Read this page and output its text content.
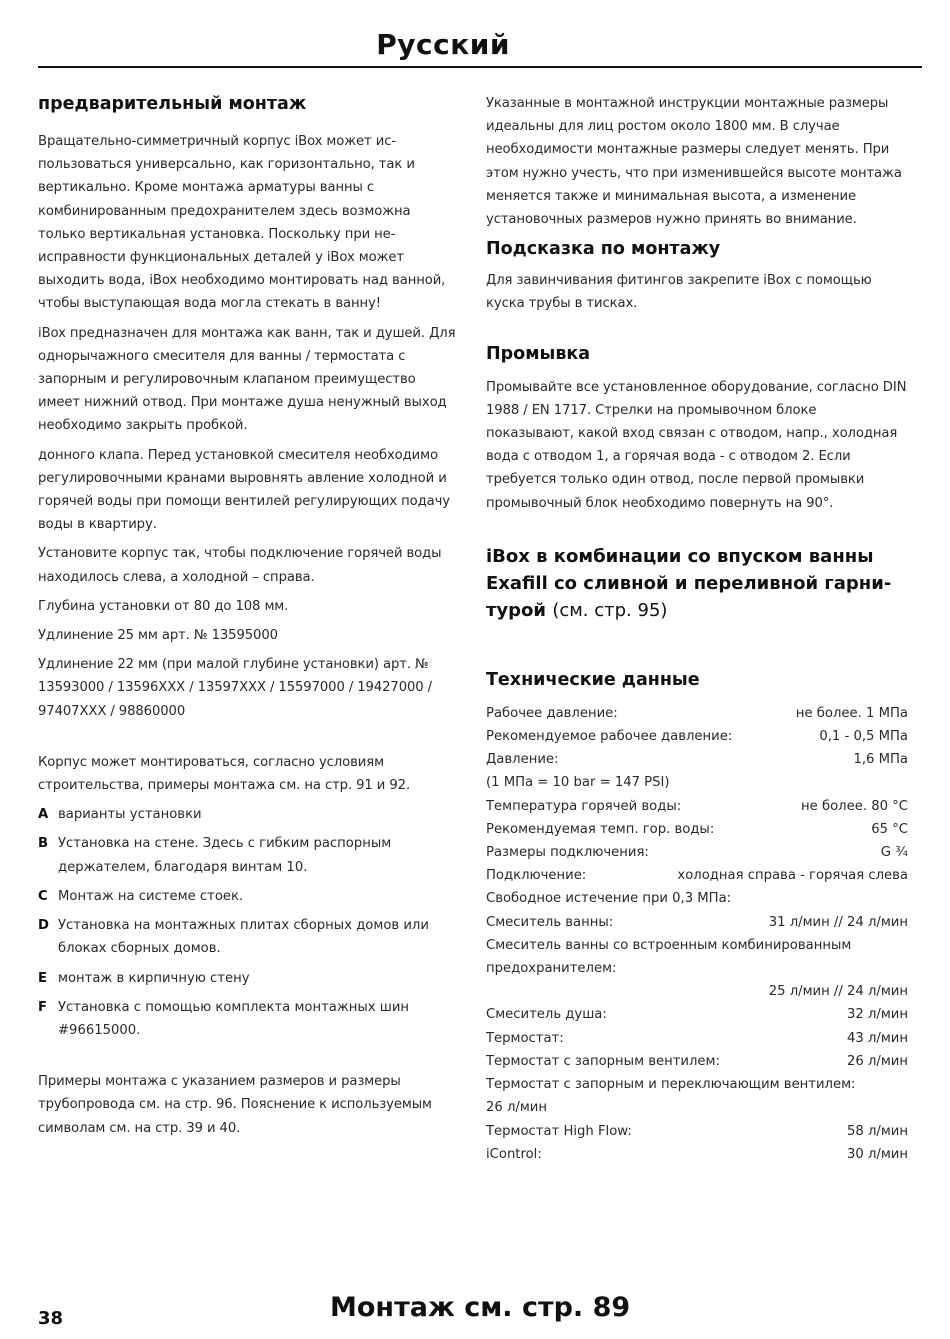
Русский
предварительный монтаж

Вращательно-симметричный корпус iBox может использоваться универсально, как горизонтально, так и вертикально. Кроме монтажа арматуры ванны с комбинированным предохранителем здесь возможна только вертикальная установка. Поскольку при неисправности функциональных деталей у iBox может выходить вода, iBox необходимо монтировать над ванной, чтобы выступающая вода могла стекать в ванну!

iBox предназначен для монтажа как ванн, так и душей. Для однорычажного смесителя для ванны / термостата с запорным и регулировочным клапаном преимущество имеет нижний отвод. При монтаже душа ненужный выход необходимо закрыть пробкой.

донного клапа. Перед установкой смесителя необходимо регулировочными кранами выровнять авление холодной и горячей воды при помощи вентилей регулирующих подачу воды в квартиру.

Установите корпус так, чтобы подключение горячей воды находилось слева, а холодной – справа.

Глубина установки от 80 до 108 мм.

Удлинение 25 мм арт. № 13595000

Удлинение 22 мм (при малой глубине установки) арт. № 13593000 / 13596XXX / 13597XXX / 15597000 / 19427000 / 97407XXX / 98860000

Корпус может монтироваться, согласно условиям строительства, примеры монтажа см. на стр. 91 и 92.

A варианты установки
B Установка на стене. Здесь с гибким распорным держателем, благодаря винтам 10.
C Монтаж на системе стоек.
D Установка на монтажных плитах сборных домов или блоках сборных домов.
E монтаж в кирпичную стену
F Установка с помощью комплекта монтажных шин #96615000.

Примеры монтажа с указанием размеров и размеры трубопровода см. на стр. 96. Пояснение к используемым символам см. на стр. 39 и 40.

Указанные в монтажной инструкции монтажные размеры идеальны для лиц ростом около 1800 мм. В случае необходимости монтажные размеры следует менять. При этом нужно учесть, что при изменившейся высоте монтажа меняется также и минимальная высота, а изменение установочных размеров нужно принять во внимание.

Подсказка по монтажу

Для завинчивания фитингов закрепите iBox с помощью куска трубы в тисках.

Промывка

Промывайте все установленное оборудование, согласно DIN 1988 / EN 1717. Стрелки на промывочном блоке показывают, какой вход связан с отводом, напр., холодная вода с отводом 1, а горячая вода - с отводом 2. Если требуется только один отвод, после первой промывки промывочный блок необходимо повернуть на 90°.

iBox в комбинации со впуском ванны Exafill со сливной и переливной гарнитурой (см. стр. 95)
Технические данные
Рабочее давление:	не более. 1 МПа
Рекомендуемое рабочее давление:	0,1 - 0,5 МПа
Давление:	1,6 МПа
(1 МПа = 10 bar = 147 PSI)
Температура горячей воды:	не более. 80 °C
Рекомендуемая темп. гор. воды:	65 °C
Размеры подключения:	G ¾
Подключение:	холодная справа - горячая слева
Свободное истечение при 0,3 МПа:
Смеситель ванны:	31 л/мин // 24 л/мин
Смеситель ванны со встроенным комбинированным предохранителем:
25 л/мин // 24 л/мин
Смеситель душа:	32 л/мин
Термостат:	43 л/мин
Термостат с запорным вентилем:	26 л/мин
Термостат с запорным и переключающим вентилем:
26 л/мин
Термостат High Flow:	58 л/мин
iControl:	30 л/мин
38	Монтаж см. стр. 89
